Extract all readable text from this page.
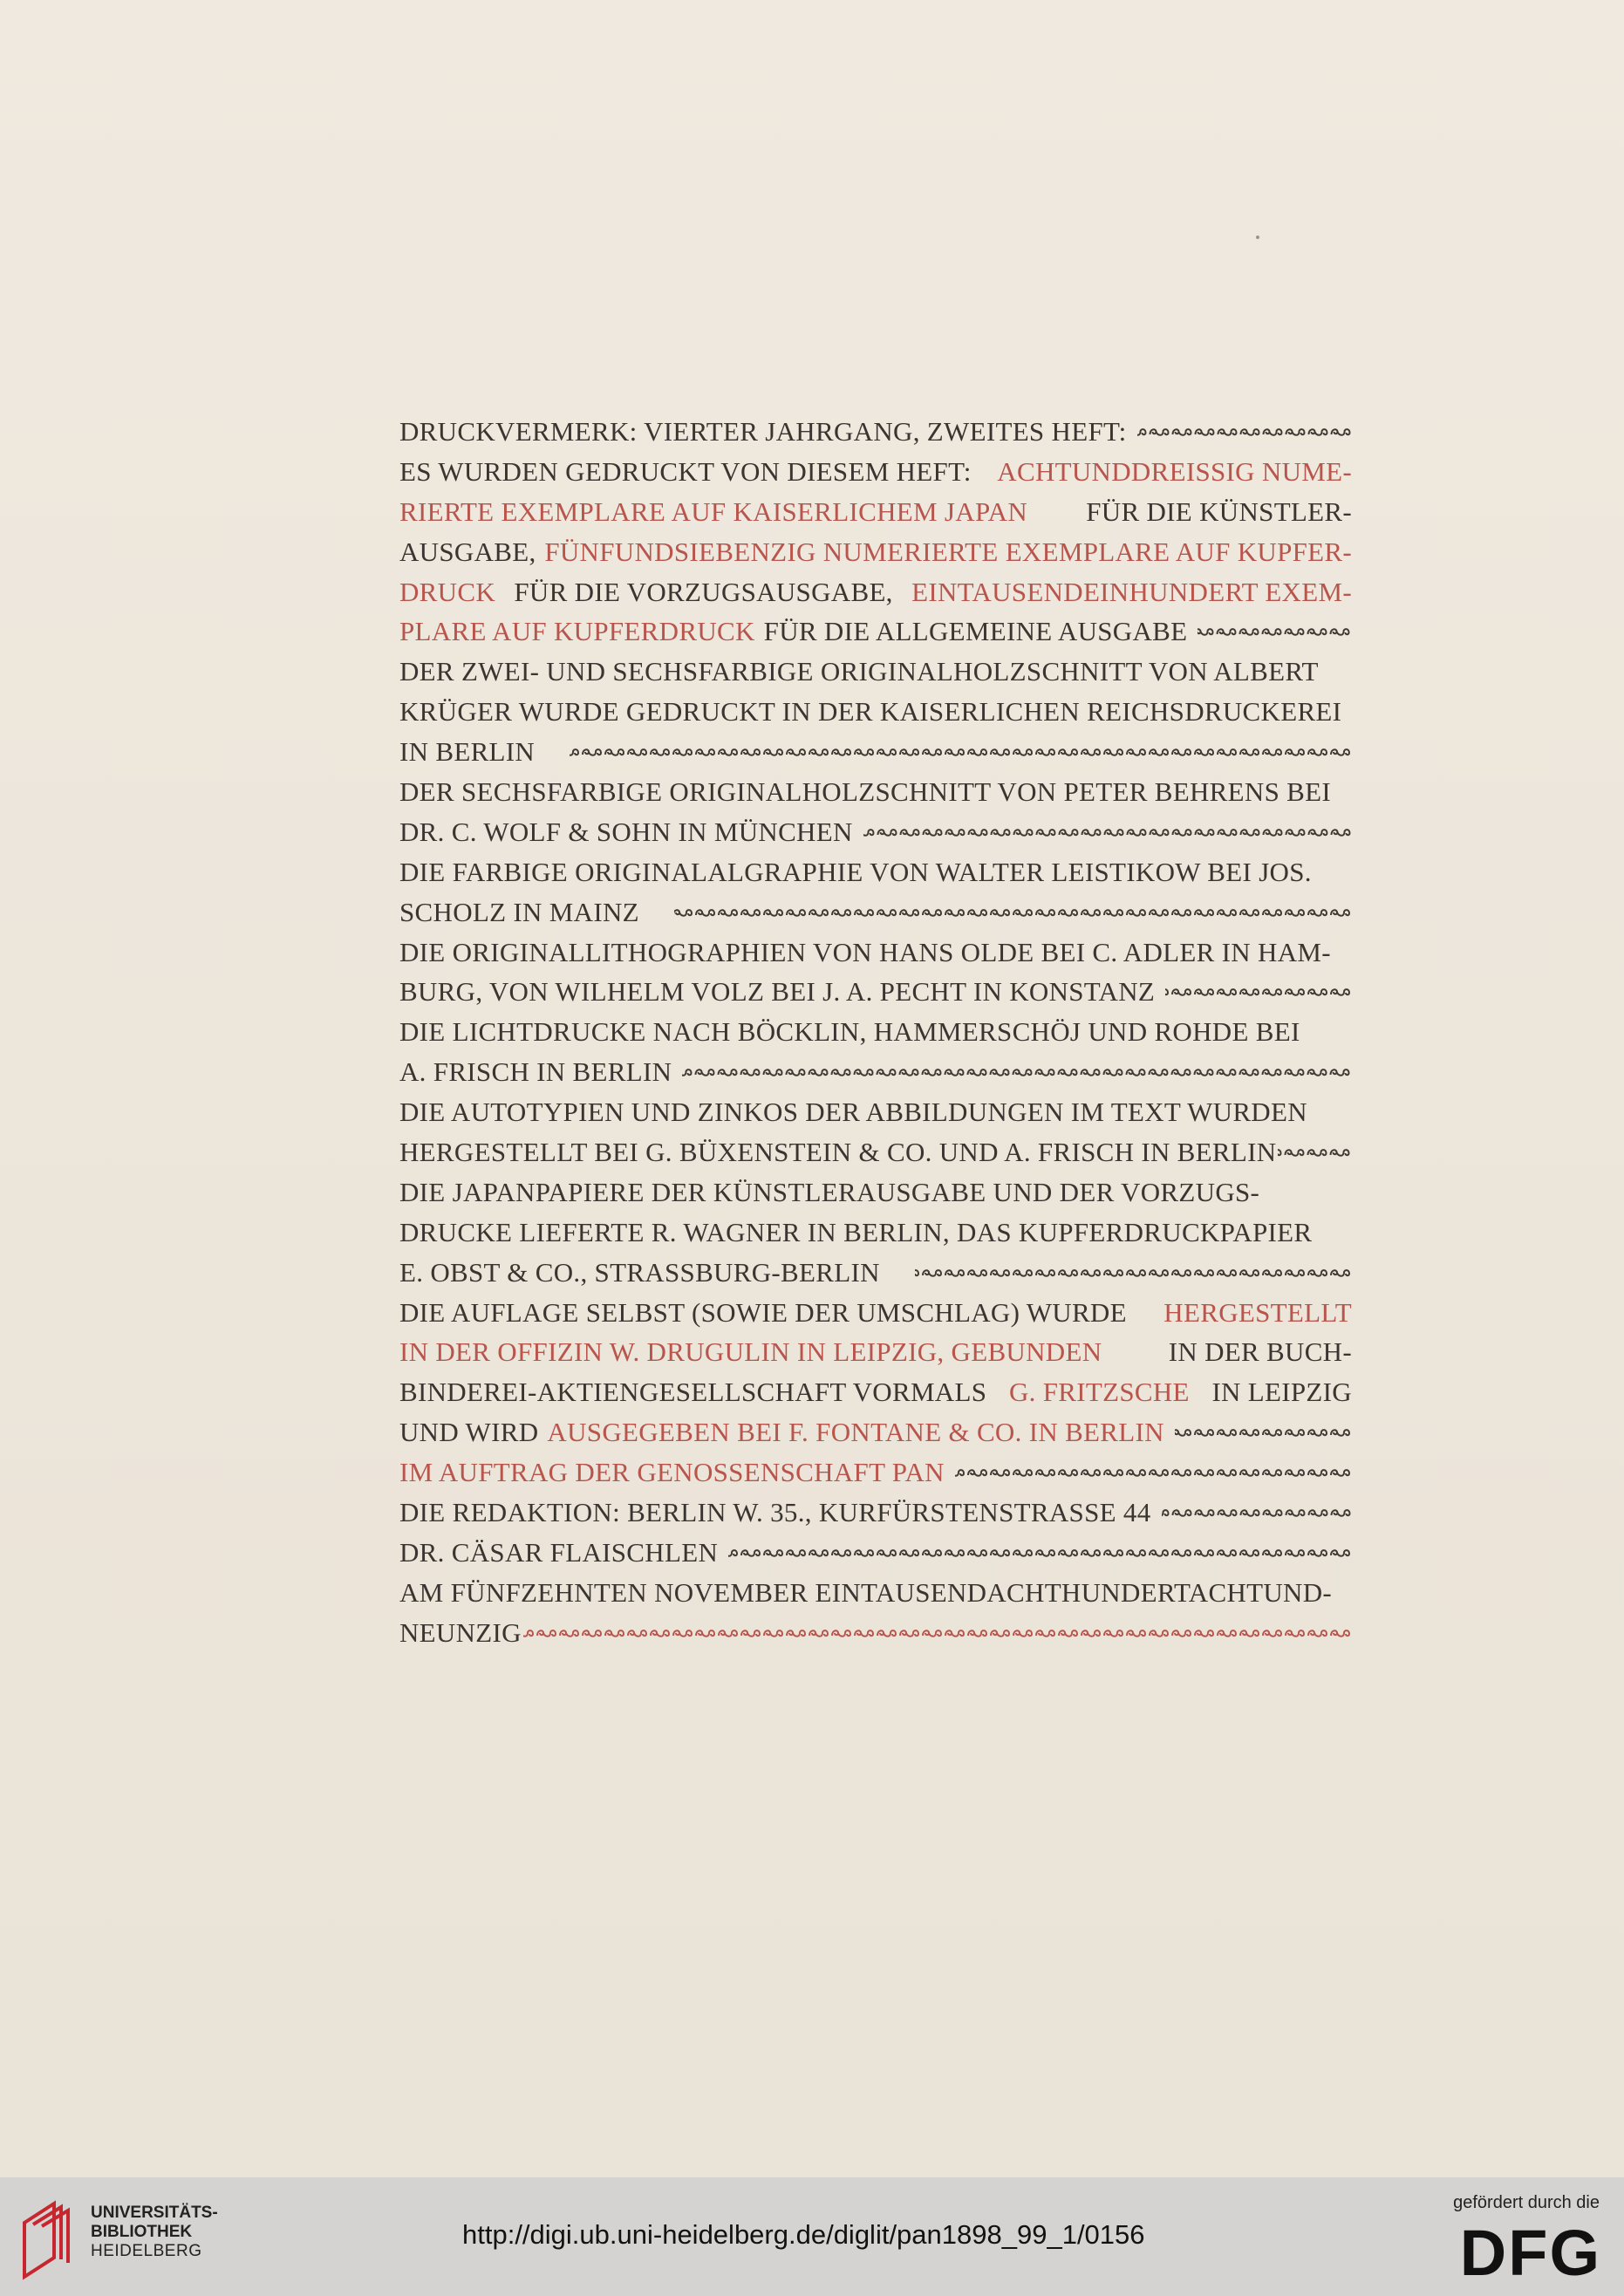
DRUCKVERMERK: VIERTER JAHRGANG, ZWEITES HEFT:
ES WURDEN GEDRUCKT VON DIESEM HEFT: ACHTUNDDREISSIG NUME-
RIERTE EXEMPLARE AUF KAISERLICHEM JAPAN FÜR DIE KÜNSTLER-
AUSGABE, FÜNFUNDSIEBENZIG NUMERIERTE EXEMPLARE AUF KUPFER-
DRUCK FÜR DIE VORZUGSAUSGABE, EINTAUSENDEINHUNDERT EXEM-
PLARE AUF KUPFERDRUCK FÜR DIE ALLGEMEINE AUSGABE
DER ZWEI- UND SECHSFARBIGE ORIGINALHOLZSCHNITT VON ALBERT
KRÜGER WURDE GEDRUCKT IN DER KAISERLICHEN REICHSDRUCKEREI
IN BERLIN
DER SECHSFARBIGE ORIGINALHOLZSCHNITT VON PETER BEHRENS BEI
DR. C. WOLF & SOHN IN MÜNCHEN
DIE FARBIGE ORIGINALALGRAPHIE VON WALTER LEISTIKOW BEI JOS.
SCHOLZ IN MAINZ
DIE ORIGINALLITHOGRAPHIEN VON HANS OLDE BEI C. ADLER IN HAM-
BURG, VON WILHELM VOLZ BEI J. A. PECHT IN KONSTANZ
DIE LICHTDRUCKE NACH BÖCKLIN, HAMMERSCHÖJ UND ROHDE BEI
A. FRISCH IN BERLIN
DIE AUTOTYPIEN UND ZINKOS DER ABBILDUNGEN IM TEXT WURDEN
HERGESTELLT BEI G. BÜXENSTEIN & CO. UND A. FRISCH IN BERLIN
DIE JAPANPAPIERE DER KÜNSTLERAUSGABE UND DER VORZUGS-
DRUCKE LIEFERTE R. WAGNER IN BERLIN, DAS KUPFERDRUCKPAPIER
E. OBST & CO., STRASSBURG-BERLIN
DIE AUFLAGE SELBST (SOWIE DER UMSCHLAG) WURDE HERGESTELLT
IN DER OFFIZIN W. DRUGULIN IN LEIPZIG, GEBUNDEN IN DER BUCH-
BINDEREI-AKTIENGESELLSCHAFT VORMALS G. FRITZSCHE IN LEIPZIG
UND WIRD AUSGEGEBEN BEI F. FONTANE & CO. IN BERLIN
IM AUFTRAG DER GENOSSENSCHAFT PAN
DIE REDAKTION: BERLIN W. 35., KURFÜRSTENSTRASSE 44
DR. CÄSAR FLAISCHLEN
AM FÜNFZEHNTEN NOVEMBER EINTAUSENDACHTHUNDERTACHTUND-
NEUNZIG
UNIVERSITÄTS-
BIBLIOTHEK
HEIDELBERG
http://digi.ub.uni-heidelberg.de/diglit/pan1898_99_1/0156
gefördert durch die
DFG
